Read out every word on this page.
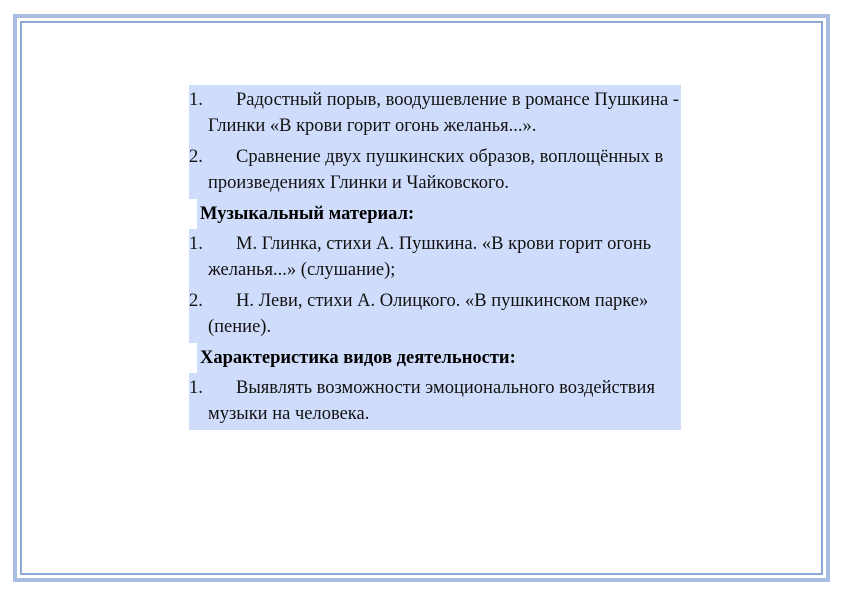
1.	Радостный порыв, воодушевление в романсе Пушкина - Глинки «В крови горит огонь желанья...».
2.	Сравнение двух пушкинских образов, воплощённых в произведениях Глинки и Чайковского.
Музыкальный материал:
1.	М. Глинка, стихи А. Пушкина. «В крови горит огонь желанья...» (слушание);
2.	Н. Леви, стихи А. Олицкого. «В пушкинском парке» (пение).
Характеристика видов деятельности:
1.	Выявлять возможности эмоционального воздействия музыки на человека.
